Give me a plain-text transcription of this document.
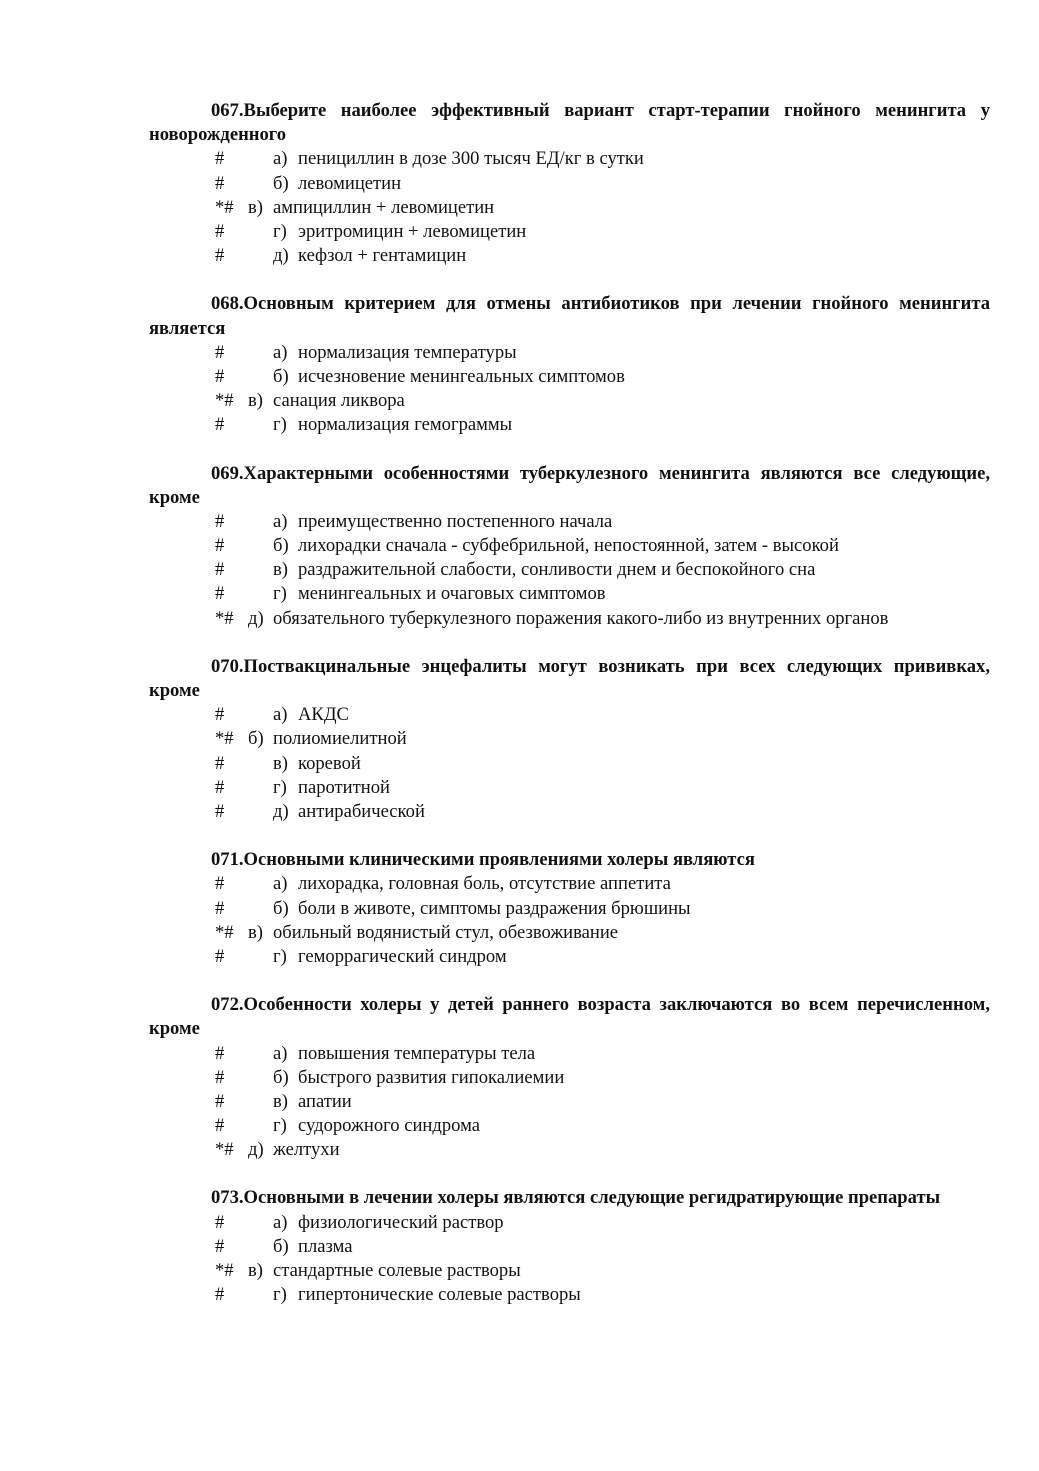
067.Выберите наиболее эффективный вариант старт-терапии гнойного менингита у новорожденного

#	а) пенициллин в дозе 300 тысяч ЕД/кг в сутки
#	б) левомицетин
*# в) ампициллин + левомицетин
#	г) эритромицин + левомицетин
#	д) кефзол + гентамицин

068.Основным критерием для отмены антибиотиков при лечении гнойного менингита является

#	а) нормализация температуры
#	б) исчезновение менингеальных симптомов
*# в) санация ликвора
#	г) нормализация гемограммы

069.Характерными особенностями туберкулезного менингита являются все следующие, кроме

#	а) преимущественно постепенного начала
#	б) лихорадки сначала - субфебрильной, непостоянной, затем - высокой
#	в) раздражительной слабости, сонливости днем и беспокойного сна
#	г) менингеальных и очаговых симптомов
*# д) обязательного туберкулезного поражения какого-либо из внутренних органов

070.Поствакцинальные энцефалиты могут возникать при всех следующих прививках, кроме

#	а) АКДС
*# б) полиомиелитной
#	в) коревой
#	г) паротитной
#	д) антирабической

071.Основными клиническими проявлениями холеры являются

#	а) лихорадка, головная боль, отсутствие аппетита
#	б) боли в животе, симптомы раздражения брюшины
*# в) обильный водянистый стул, обезвоживание
#	г) геморрагический синдром

072.Особенности холеры у детей раннего возраста заключаются во всем перечисленном, кроме

#	а) повышения температуры тела
#	б) быстрого развития гипокалиемии
#	в) апатии
#	г) судорожного синдрома
*# д) желтухи

073.Основными в лечении холеры являются следующие регидратирующие препараты

#	а) физиологический раствор
#	б) плазма
*# в) стандартные солевые растворы
#	г) гипертонические солевые растворы
